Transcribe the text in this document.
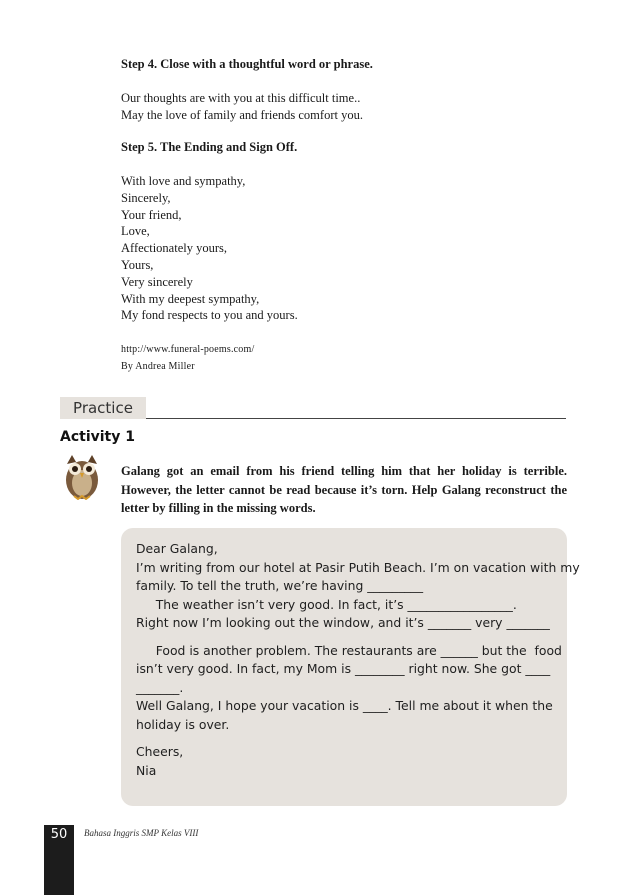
Step 4. Close with a thoughtful word or phrase.
Our thoughts are with you at this difficult time..
May the love of family and friends comfort you.
Step 5. The Ending and Sign Off.
With love and sympathy,
Sincerely,
Your friend,
Love,
Affectionately yours,
Yours,
Very sincerely
With my deepest sympathy,
My fond respects to you and yours.
http://www.funeral-poems.com/
By Andrea Miller
Practice
Activity 1
Galang got an email from his friend telling him that her holiday is terrible. However, the letter cannot be read because it’s torn. Help Galang reconstruct the letter by filling in the missing words.
Dear Galang,
I’m writing from our hotel at Pasir Putih Beach. I’m on vacation with my
family. To tell the truth, we’re having _________
The weather isn’t very good. In fact, it’s _________________.
Right now I’m looking out the window, and it’s _______ very _______
Food is another problem. The restaurants are ______ but the  food
isn’t very good. In fact, my Mom is ________ right now. She got ____
_______.
Well Galang, I hope your vacation is ____. Tell me about it when the
holiday is over.
Cheers,
Nia
50	Bahasa Inggris SMP Kelas VIII
